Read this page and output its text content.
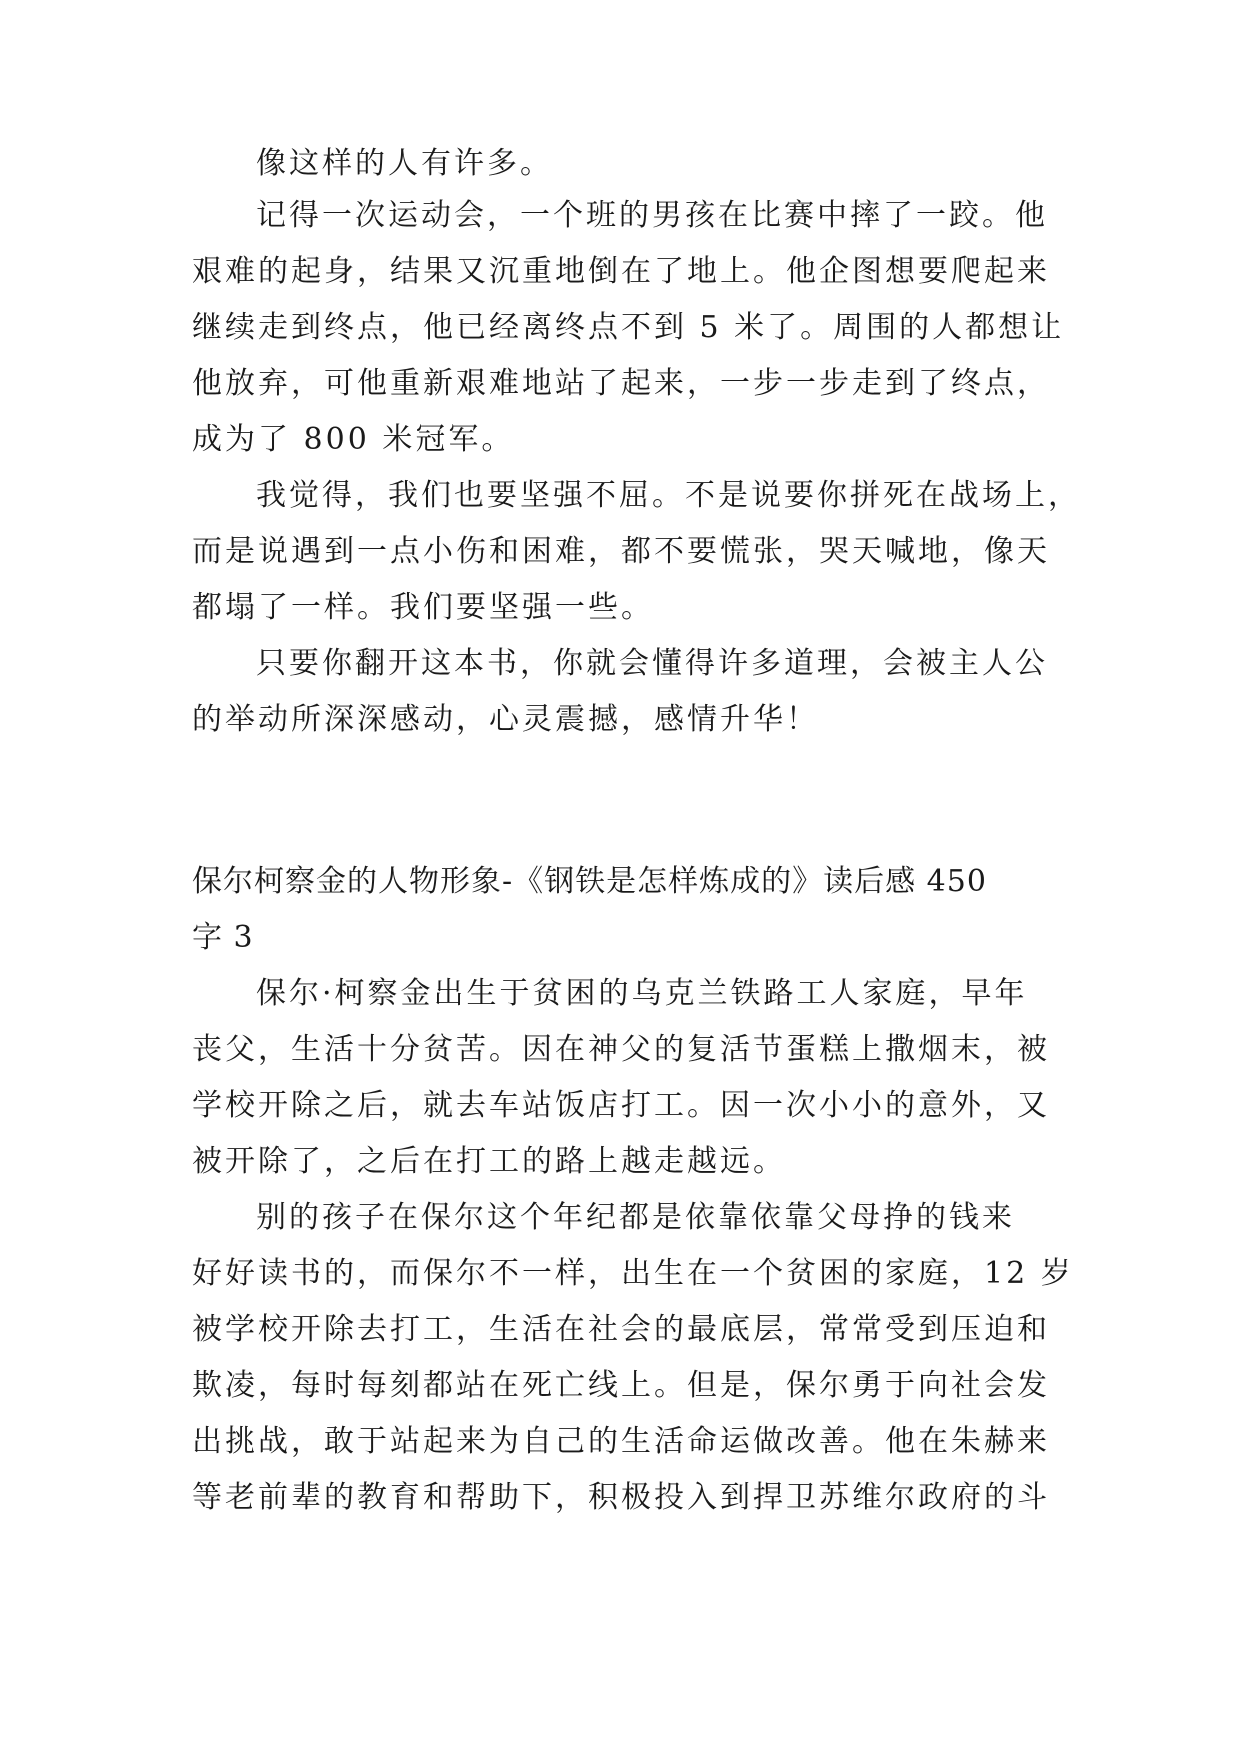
像这样的人有许多。
记得一次运动会，一个班的男孩在比赛中摔了一跤。他
艰难的起身，结果又沉重地倒在了地上。他企图想要爬起来
继续走到终点，他已经离终点不到 5 米了。周围的人都想让
他放弃，可他重新艰难地站了起来，一步一步走到了终点，
成为了 800 米冠军。
我觉得，我们也要坚强不屈。不是说要你拼死在战场上，
而是说遇到一点小伤和困难，都不要慌张，哭天喊地，像天
都塌了一样。我们要坚强一些。
只要你翻开这本书，你就会懂得许多道理，会被主人公
的举动所深深感动，心灵震撼，感情升华！
保尔柯察金的人物形象-《钢铁是怎样炼成的》读后感 450
字 3
保尔·柯察金出生于贫困的乌克兰铁路工人家庭，早年
丧父，生活十分贫苦。因在神父的复活节蛋糕上撒烟末，被
学校开除之后，就去车站饭店打工。因一次小小的意外，又
被开除了，之后在打工的路上越走越远。
别的孩子在保尔这个年纪都是依靠依靠父母挣的钱来
好好读书的，而保尔不一样，出生在一个贫困的家庭，12 岁
被学校开除去打工，生活在社会的最底层，常常受到压迫和
欺凌，每时每刻都站在死亡线上。但是，保尔勇于向社会发
出挑战，敢于站起来为自己的生活命运做改善。他在朱赫来
等老前辈的教育和帮助下，积极投入到捍卫苏维尔政府的斗
